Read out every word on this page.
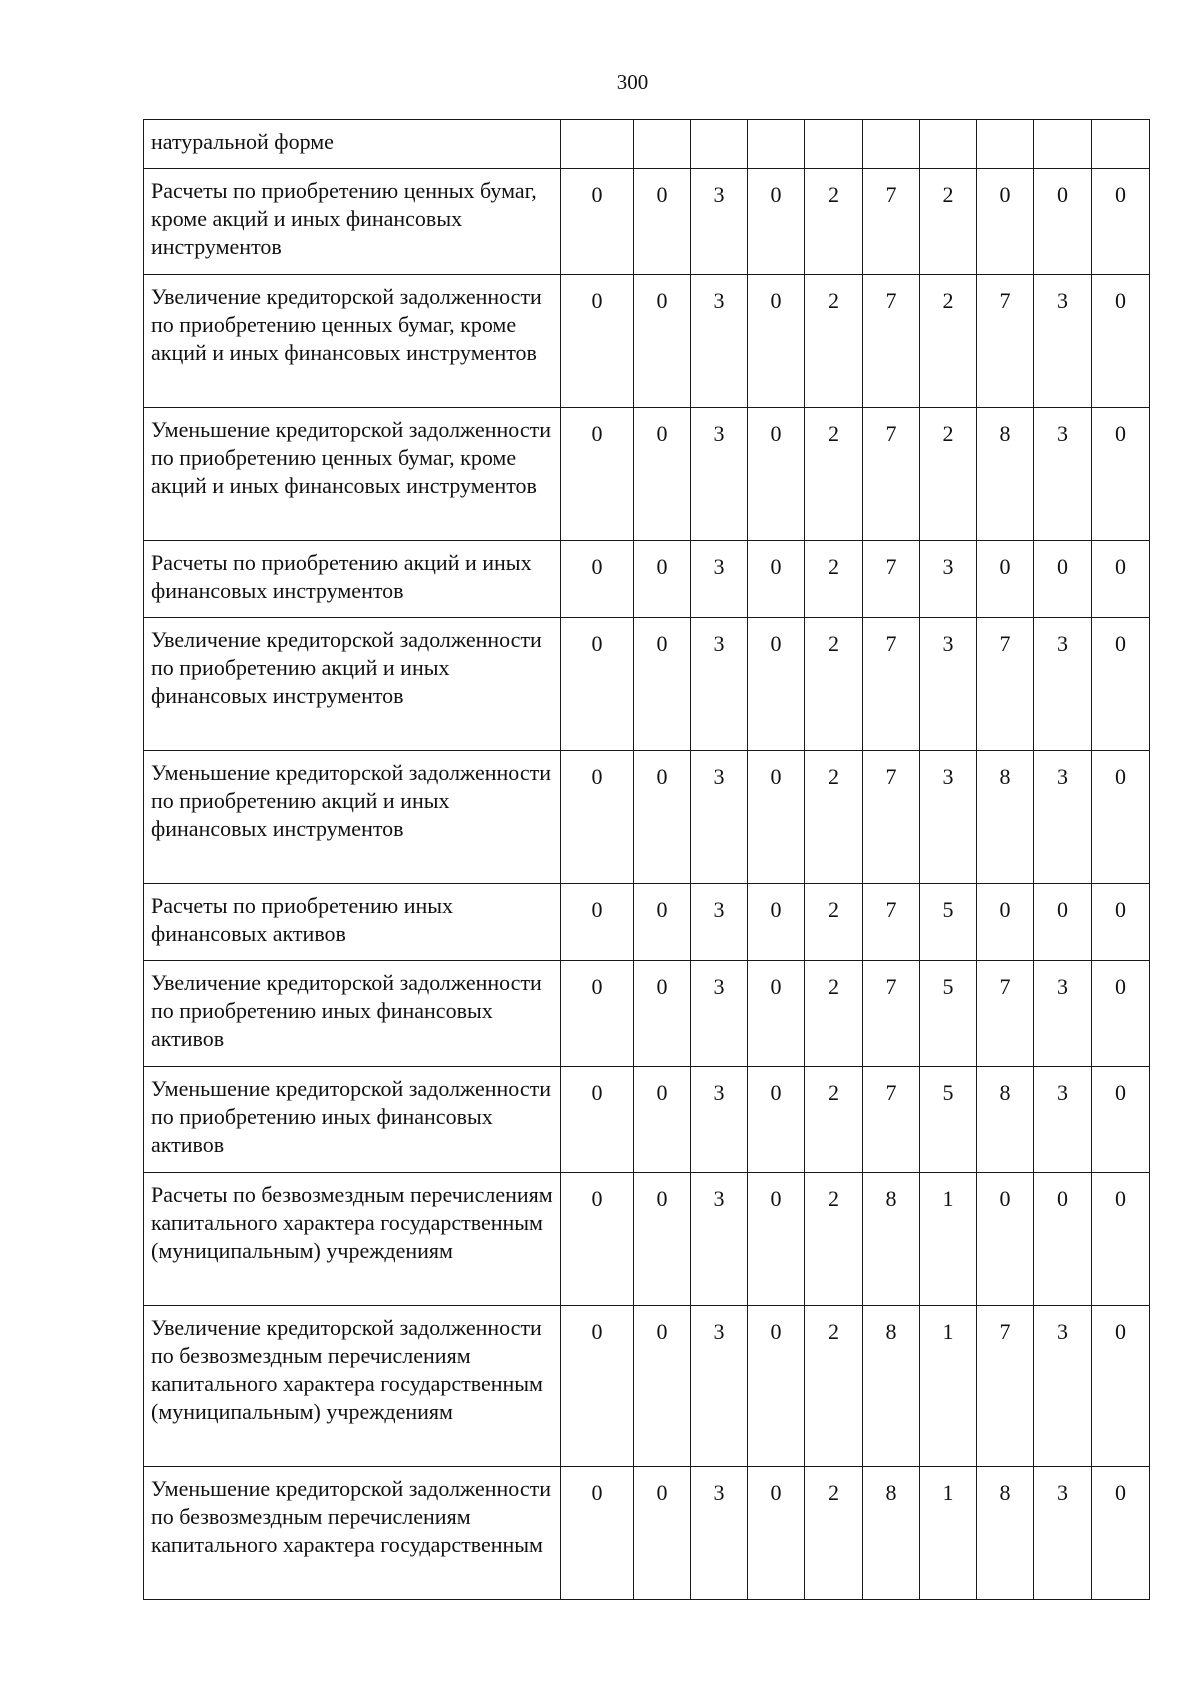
300
натуральной форме										
Расчеты по приобретению ценных бумаг, кроме акций и иных финансовых инструментов	0	0	3	0	2	7	2	0	0	0
Увеличение кредиторской задолженности по приобретению ценных бумаг, кроме акций и иных финансовых инструментов	0	0	3	0	2	7	2	7	3	0
Уменьшение кредиторской задолженности по приобретению ценных бумаг, кроме акций и иных финансовых инструментов	0	0	3	0	2	7	2	8	3	0
Расчеты по приобретению акций и иных финансовых инструментов	0	0	3	0	2	7	3	0	0	0
Увеличение кредиторской задолженности по приобретению акций и иных финансовых инструментов	0	0	3	0	2	7	3	7	3	0
Уменьшение кредиторской задолженности по приобретению акций и иных финансовых инструментов	0	0	3	0	2	7	3	8	3	0
Расчеты по приобретению иных финансовых активов	0	0	3	0	2	7	5	0	0	0
Увеличение кредиторской задолженности по приобретению иных финансовых активов	0	0	3	0	2	7	5	7	3	0
Уменьшение кредиторской задолженности по приобретению иных финансовых активов	0	0	3	0	2	7	5	8	3	0
Расчеты по безвозмездным перечислениям капитального характера государственным (муниципальным) учреждениям	0	0	3	0	2	8	1	0	0	0
Увеличение кредиторской задолженности по безвозмездным перечислениям капитального характера государственным (муниципальным) учреждениям	0	0	3	0	2	8	1	7	3	0
Уменьшение кредиторской задолженности по безвозмездным перечислениям капитального характера государственным	0	0	3	0	2	8	1	8	3	0
